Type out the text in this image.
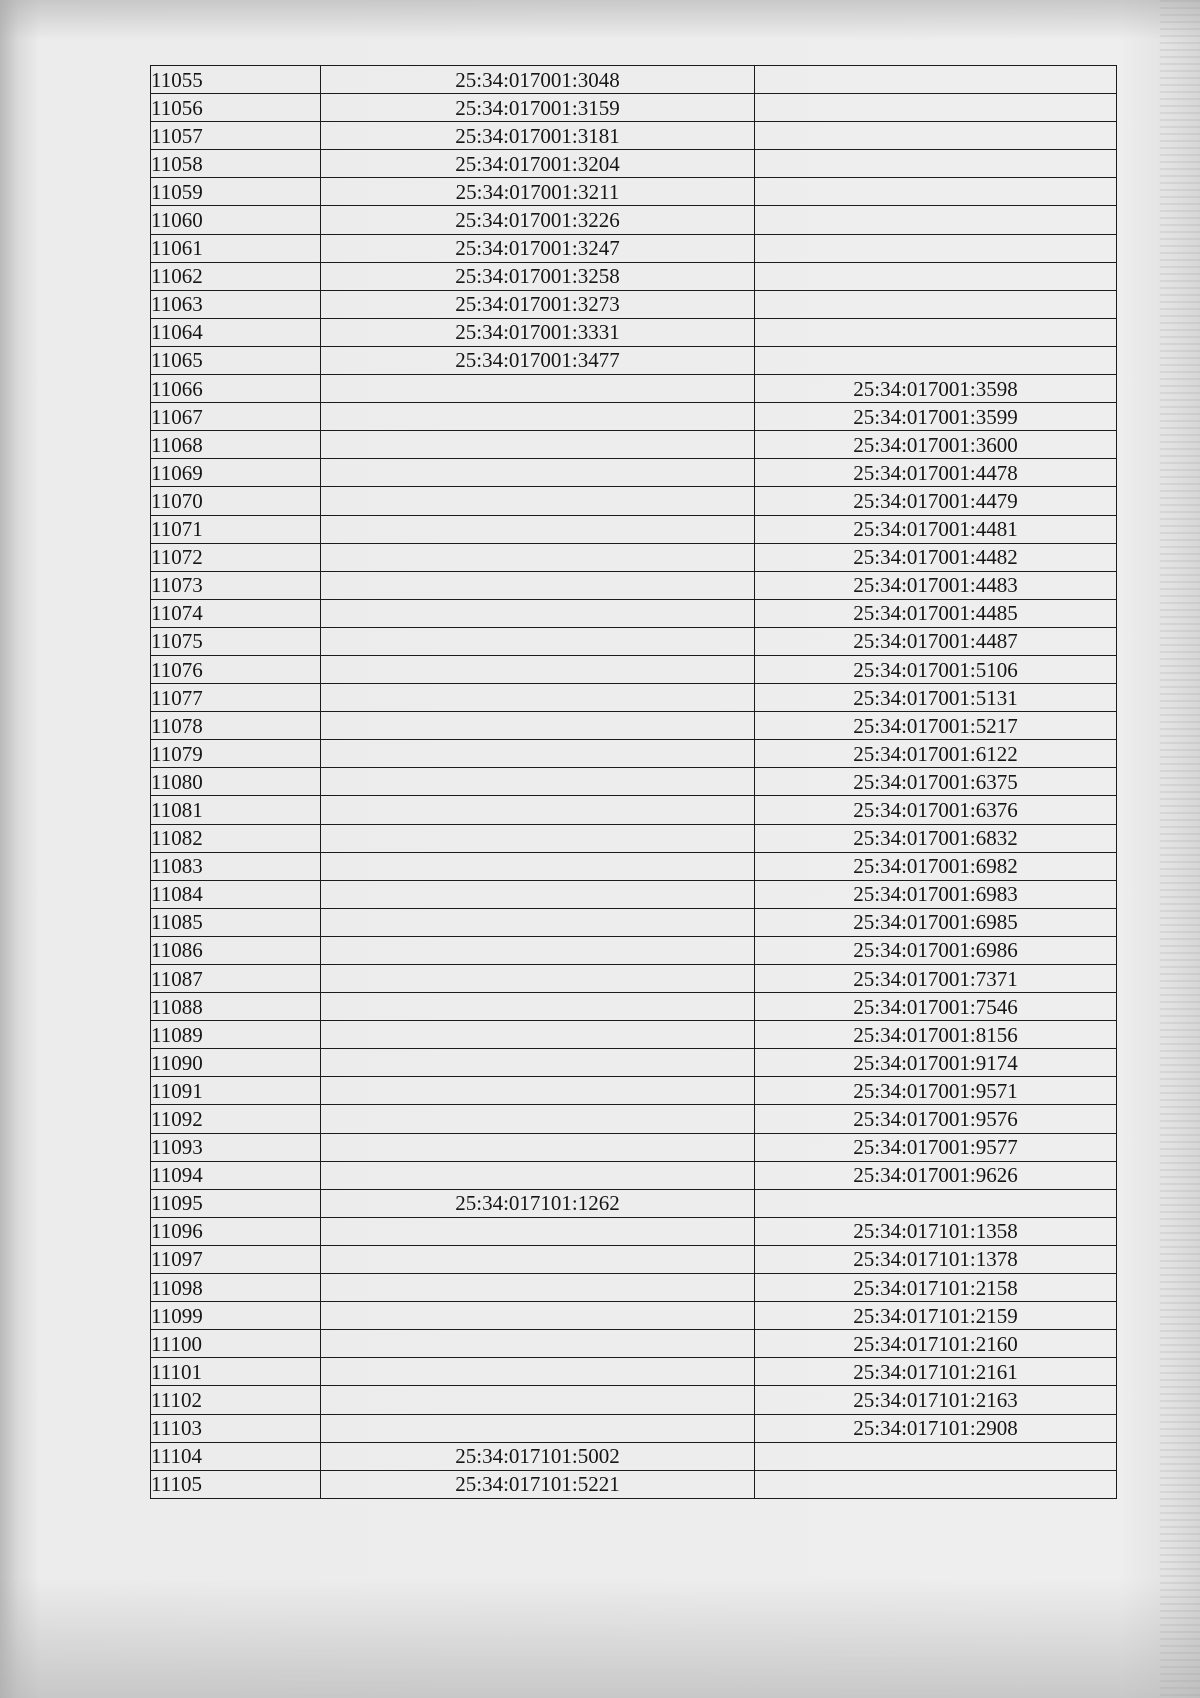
11055	25:34:017001:3048	
11056	25:34:017001:3159	
11057	25:34:017001:3181	
11058	25:34:017001:3204	
11059	25:34:017001:3211	
11060	25:34:017001:3226	
11061	25:34:017001:3247	
11062	25:34:017001:3258	
11063	25:34:017001:3273	
11064	25:34:017001:3331	
11065	25:34:017001:3477	
11066		25:34:017001:3598
11067		25:34:017001:3599
11068		25:34:017001:3600
11069		25:34:017001:4478
11070		25:34:017001:4479
11071		25:34:017001:4481
11072		25:34:017001:4482
11073		25:34:017001:4483
11074		25:34:017001:4485
11075		25:34:017001:4487
11076		25:34:017001:5106
11077		25:34:017001:5131
11078		25:34:017001:5217
11079		25:34:017001:6122
11080		25:34:017001:6375
11081		25:34:017001:6376
11082		25:34:017001:6832
11083		25:34:017001:6982
11084		25:34:017001:6983
11085		25:34:017001:6985
11086		25:34:017001:6986
11087		25:34:017001:7371
11088		25:34:017001:7546
11089		25:34:017001:8156
11090		25:34:017001:9174
11091		25:34:017001:9571
11092		25:34:017001:9576
11093		25:34:017001:9577
11094		25:34:017001:9626
11095	25:34:017101:1262	
11096		25:34:017101:1358
11097		25:34:017101:1378
11098		25:34:017101:2158
11099		25:34:017101:2159
11100		25:34:017101:2160
11101		25:34:017101:2161
11102		25:34:017101:2163
11103		25:34:017101:2908
11104	25:34:017101:5002	
11105	25:34:017101:5221	
